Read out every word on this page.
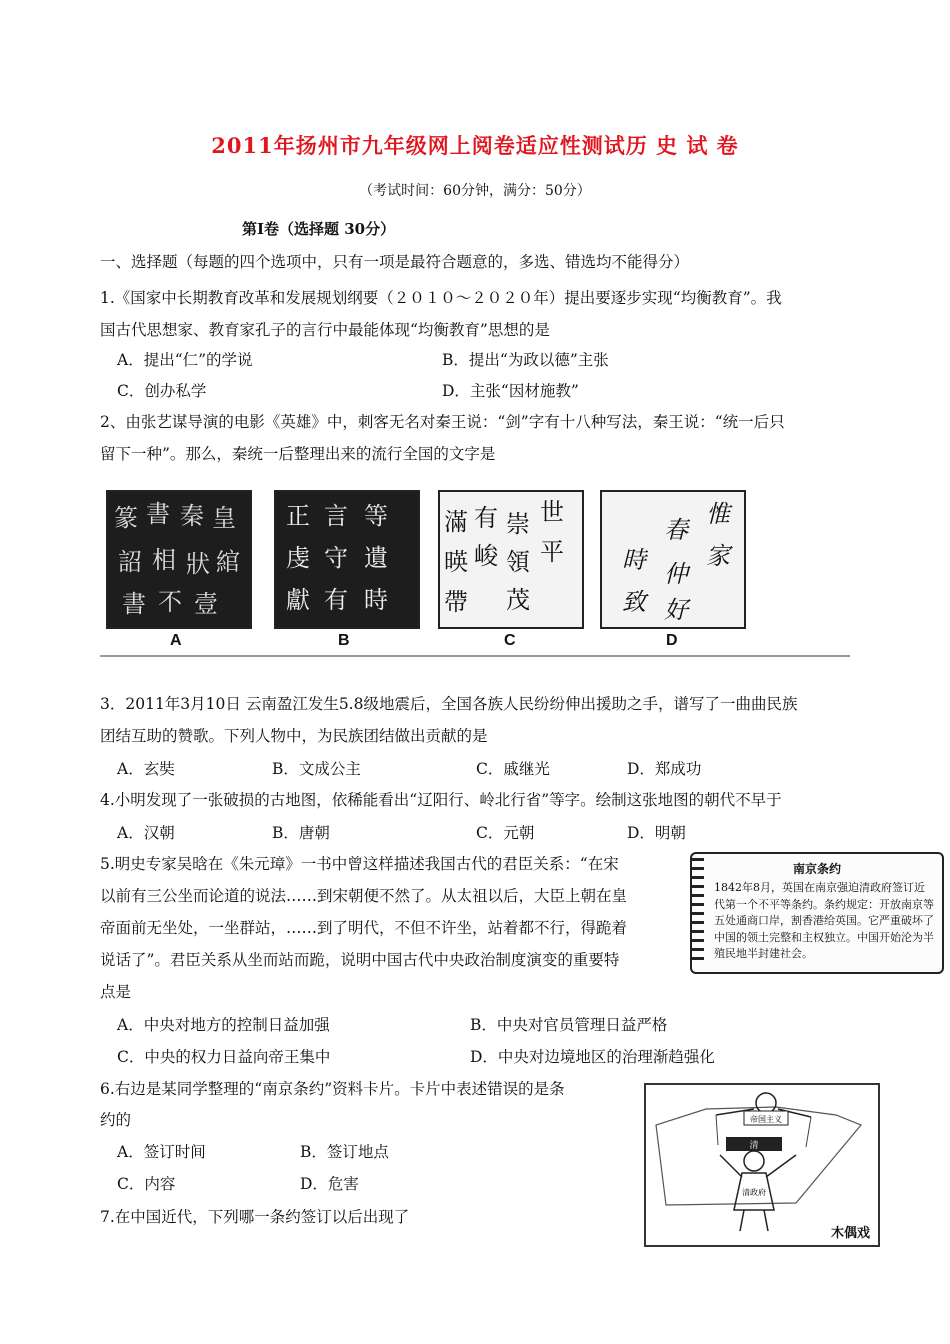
2011年扬州市九年级网上阅卷适应性测试历 史 试 卷
（考试时间：60分钟，满分：50分）
第Ⅰ卷（选择题 30分）
一、选择题（每题的四个选项中，只有一项是最符合题意的，多选、错选均不能得分）
1.《国家中长期教育改革和发展规划纲要（２０１０～２０２０年）提出要逐步实现“均衡教育”。我
国古代思想家、教育家孔子的言行中最能体现“均衡教育”思想的是
A．提出“仁”的学说	B．提出“为政以德”主张
C．创办私学	D．主张“因材施教”
2、由张艺谋导演的电影《英雄》中，刺客无名对秦王说：“剑”字有十八种写法，秦王说：“统一后只
留下一种”。那么，秦统一后整理出来的流行全国的文字是
篆 書 秦 皇
詔 相 狀 綰
書 不 壹
正 言 等
虔 守 遺
獻 有 時
世
崇
有
滿
平
領
峻
暎
茂
帶
惟
春
家
仲
時
致 好
A	B	C	D
3．2011年3月10日 云南盈江发生5.8级地震后，全国各族人民纷纷伸出援助之手，谱写了一曲曲民族
团结互助的赞歌。下列人物中，为民族团结做出贡献的是
A．玄奘	B．文成公主	C．戚继光	D．郑成功
4.小明发现了一张破损的古地图，依稀能看出“辽阳行、岭北行省”等字。绘制这张地图的朝代不早于
A．汉朝	B．唐朝	C．元朝	D．明朝
5.明史专家吴晗在《朱元璋》一书中曾这样描述我国古代的君臣关系：“在宋
以前有三公坐而论道的说法……到宋朝便不然了。从太祖以后，大臣上朝在皇
帝面前无坐处，一坐群站，……到了明代，不但不许坐，站着都不行，得跪着
说话了”。君臣关系从坐而站而跪，说明中国古代中央政治制度演变的重要特
点是
A．中央对地方的控制日益加强	B．中央对官员管理日益严格
C．中央的权力日益向帝王集中	D．中央对边境地区的治理渐趋强化
南京条约
1842年8月，英国在南京强迫清政府签订近代第一个不平等条约。条约规定：开放南京等五处通商口岸，割香港给英国。它严重破坏了中国的领土完整和主权独立。中国开始沦为半殖民地半封建社会。
6.右边是某同学整理的“南京条约”资料卡片。卡片中表述错误的是条
约的
A．签订时间	B．签订地点
C．内容	D．危害
7.在中国近代，下列哪一条约签订以后出现了
帝国主义
清
清政府
木偶戏
